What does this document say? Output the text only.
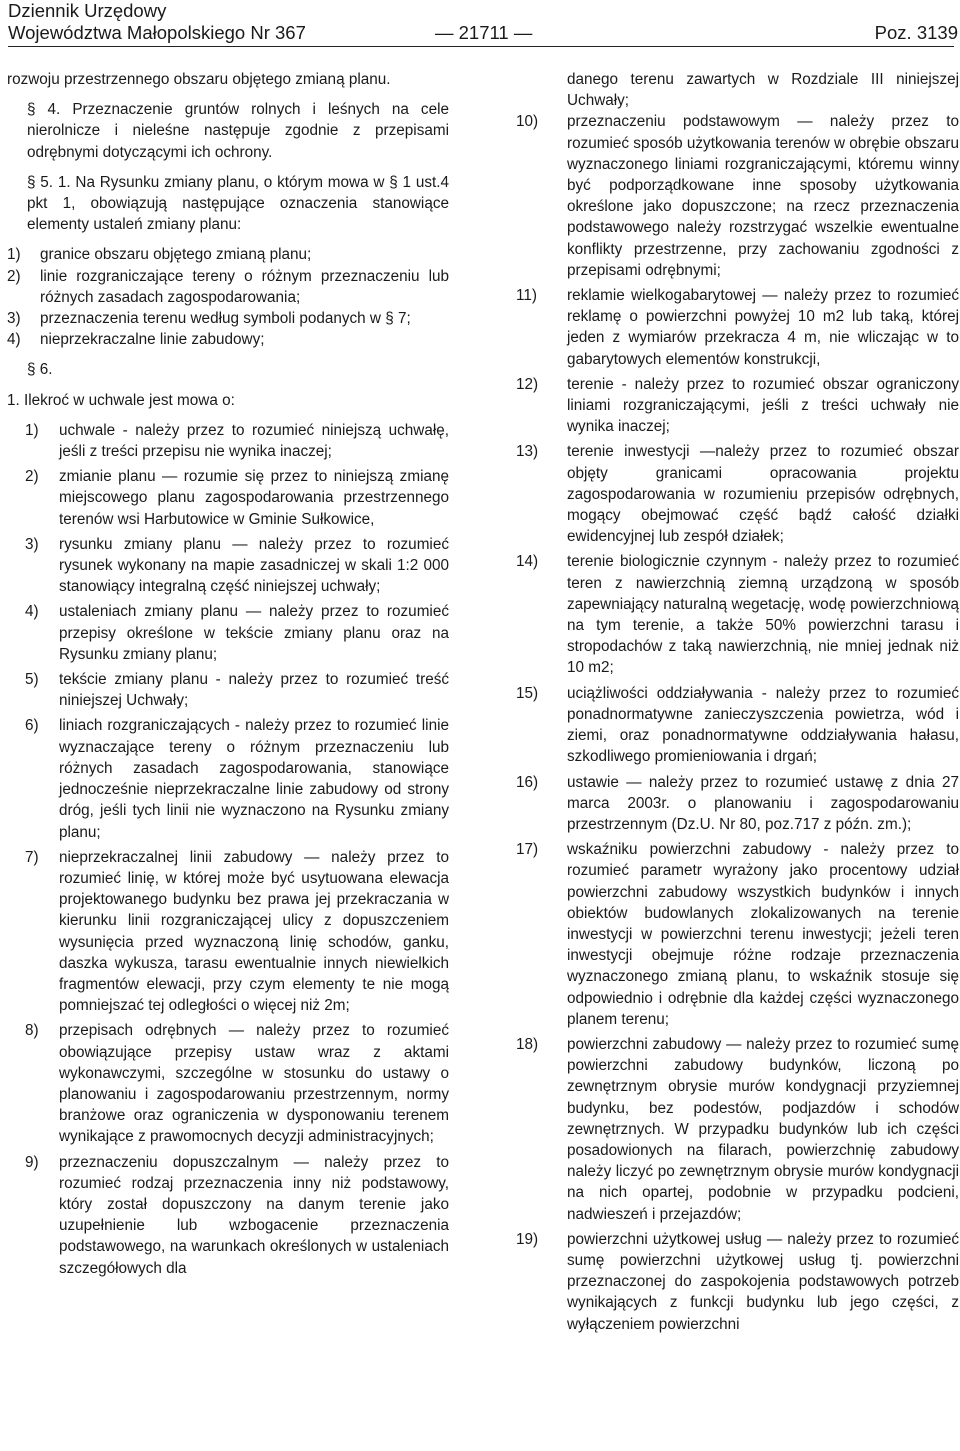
Dziennik Urzędowy
Województwa Małopolskiego Nr 367	Poz. 3139
— 21711 —

rozwoju przestrzennego obszaru objętego zmianą planu.

§ 4. Przeznaczenie gruntów rolnych i leśnych na cele nierolnicze i nieleśne następuje zgodnie z przepisami odrębnymi dotyczącymi ich ochrony.

§ 5. 1. Na Rysunku zmiany planu, o którym mowa w § 1 ust.4 pkt 1, obowiązują następujące oznaczenia stanowiące elementy ustaleń zmiany planu:

1)	granice obszaru objętego zmianą planu;
2)	linie rozgraniczające tereny o różnym przeznaczeniu lub różnych zasadach zagospodarowania;
3)	przeznaczenia terenu według symboli podanych w § 7;
4)	nieprzekraczalne linie zabudowy;

§ 6.

1. Ilekroć w uchwale jest mowa o:

1)	uchwale - należy przez to rozumieć niniejszą uchwałę, jeśli z treści przepisu nie wynika inaczej;
2)	zmianie planu — rozumie się przez to niniejszą zmianę miejscowego planu zagospodarowania przestrzennego terenów wsi Harbutowice w Gminie Sułkowice,
3)	rysunku zmiany planu — należy przez to rozumieć rysunek wykonany na mapie zasadniczej w skali 1:2 000 stanowiący integralną część niniejszej uchwały;
4)	ustaleniach zmiany planu — należy przez to rozumieć przepisy określone w tekście zmiany planu oraz na Rysunku zmiany planu;
5)	tekście zmiany planu - należy przez to rozumieć treść niniejszej Uchwały;
6)	liniach rozgraniczających - należy przez to rozumieć linie wyznaczające tereny o różnym przeznaczeniu lub różnych zasadach zagospodarowania, stanowiące jednocześnie nieprzekraczalne linie zabudowy od strony dróg, jeśli tych linii nie wyznaczono na Rysunku zmiany planu;
7)	nieprzekraczalnej linii zabudowy — należy przez to rozumieć linię, w której może być usytuowana elewacja projektowanego budynku bez prawa jej przekraczania w kierunku linii rozgraniczającej ulicy z dopuszczeniem wysunięcia przed wyznaczoną linię schodów, ganku, daszka wykusza, tarasu ewentualnie innych niewielkich fragmentów elewacji, przy czym elementy te nie mogą pomniejszać tej odległości o więcej niż 2m;
8)	przepisach odrębnych — należy przez to rozumieć obowiązujące przepisy ustaw wraz z aktami wykonawczymi, szczególne w stosunku do ustawy o planowaniu i zagospodarowaniu przestrzennym, normy branżowe oraz ograniczenia w dysponowaniu terenem wynikające z prawomocnych decyzji administracyjnych;
9)	przeznaczeniu dopuszczalnym — należy przez to rozumieć rodzaj przeznaczenia inny niż podstawowy, który został dopuszczony na danym terenie jako uzupełnienie lub wzbogacenie przeznaczenia podstawowego, na warunkach określonych w ustaleniach szczegółowych dla

danego terenu zawartych w Rozdziale III niniejszej Uchwały;

10)	przeznaczeniu podstawowym — należy przez to rozumieć sposób użytkowania terenów w obrębie obszaru wyznaczonego liniami rozgraniczającymi, któremu winny być podporządkowane inne sposoby użytkowania określone jako dopuszczone; na rzecz przeznaczenia podstawowego należy rozstrzygać wszelkie ewentualne konflikty przestrzenne, przy zachowaniu zgodności z przepisami odrębnymi;
11)	reklamie wielkogabarytowej — należy przez to rozumieć reklamę o powierzchni powyżej 10 m2 lub taką, której jeden z wymiarów przekracza 4 m, nie wliczając w to gabarytowych elementów konstrukcji,
12)	terenie - należy przez to rozumieć obszar ograniczony liniami rozgraniczającymi, jeśli z treści uchwały nie wynika inaczej;
13)	terenie inwestycji —należy przez to rozumieć obszar objęty granicami opracowania projektu zagospodarowania w rozumieniu przepisów odrębnych, mogący obejmować część bądź całość działki ewidencyjnej lub zespół działek;
14)	terenie biologicznie czynnym - należy przez to rozumieć teren z nawierzchnią ziemną urządzoną w sposób zapewniający naturalną wegetację, wodę powierzchniową na tym terenie, a także 50% powierzchni tarasu i stropodachów z taką nawierzchnią, nie mniej jednak niż 10 m2;
15)	uciążliwości oddziaływania - należy przez to rozumieć ponadnormatywne zanieczyszczenia powietrza, wód i ziemi, oraz ponadnormatywne oddziaływania hałasu, szkodliwego promieniowania i drgań;
16)	ustawie — należy przez to rozumieć ustawę z dnia 27 marca 2003r. o planowaniu i zagospodarowaniu przestrzennym (Dz.U. Nr 80, poz.717 z późn. zm.);
17)	wskaźniku powierzchni zabudowy - należy przez to rozumieć parametr wyrażony jako procentowy udział powierzchni zabudowy wszystkich budynków i innych obiektów budowlanych zlokalizowanych na terenie inwestycji w powierzchni terenu inwestycji; jeżeli teren inwestycji obejmuje różne rodzaje przeznaczenia wyznaczonego zmianą planu, to wskaźnik stosuje się odpowiednio i odrębnie dla każdej części wyznaczonego planem terenu;
18)	powierzchni zabudowy — należy przez to rozumieć sumę powierzchni zabudowy budynków, liczoną po zewnętrznym obrysie murów kondygnacji przyziemnej budynku, bez podestów, podjazdów i schodów zewnętrznych. W przypadku budynków lub ich części posadowionych na filarach, powierzchnię zabudowy należy liczyć po zewnętrznym obrysie murów kondygnacji na nich opartej, podobnie w przypadku podcieni, nadwieszeń i przejazdów;
19)	powierzchni użytkowej usług — należy przez to rozumieć sumę powierzchni użytkowej usług tj. powierzchni przeznaczonej do zaspokojenia podstawowych potrzeb wynikających z funkcji budynku lub jego części, z wyłączeniem powierzchni
